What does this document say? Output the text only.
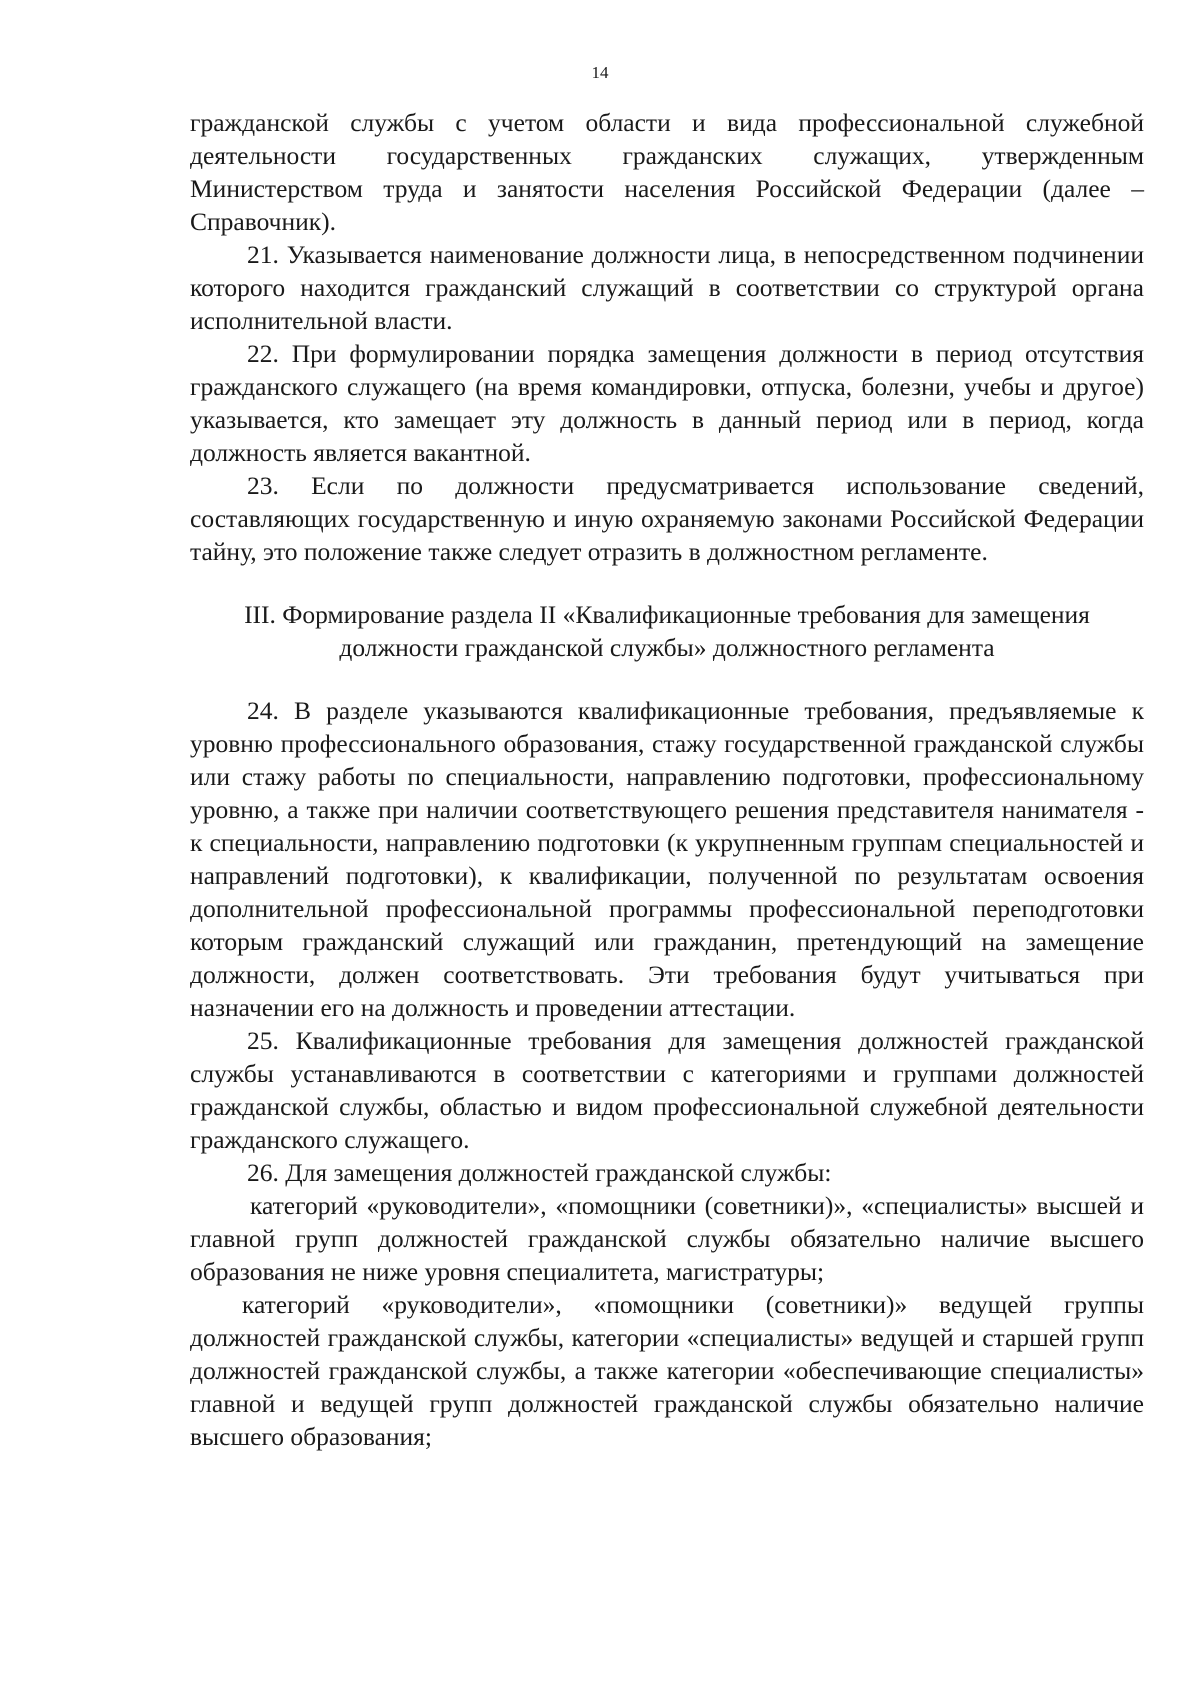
14

гражданской службы с учетом области и вида профессиональной служебной деятельности государственных гражданских служащих, утвержденным Министерством труда и занятости населения Российской Федерации (далее – Справочник).

21. Указывается наименование должности лица, в непосредственном подчинении которого находится гражданский служащий в соответствии со структурой органа исполнительной власти.

22. При формулировании порядка замещения должности в период отсутствия гражданского служащего (на время командировки, отпуска, болезни, учебы и другое) указывается, кто замещает эту должность в данный период или в период, когда должность является вакантной.

23. Если по должности предусматривается использование сведений, составляющих государственную и иную охраняемую законами Российской Федерации тайну, это положение также следует отразить в должностном регламенте.

III. Формирование раздела II «Квалификационные требования для замещения
должности гражданской службы» должностного регламента

24. В разделе указываются квалификационные требования, предъявляемые к уровню профессионального образования, стажу государственной гражданской службы или стажу работы по специальности, направлению подготовки, профессиональному уровню, а также при наличии соответствующего решения представителя нанимателя - к специальности, направлению подготовки (к укрупненным группам специальностей и направлений подготовки), к квалификации, полученной по результатам освоения дополнительной профессиональной программы профессиональной переподготовки которым гражданский служащий или гражданин, претендующий на замещение должности, должен соответствовать. Эти требования будут учитываться при назначении его на должность и проведении аттестации.

25. Квалификационные требования для замещения должностей гражданской службы устанавливаются в соответствии с категориями и группами должностей гражданской службы, областью и видом профессиональной служебной деятельности гражданского служащего.

26. Для замещения должностей гражданской службы:

категорий «руководители», «помощники (советники)», «специалисты» высшей и главной групп должностей гражданской службы обязательно наличие высшего образования не ниже уровня специалитета, магистратуры;

категорий «руководители», «помощники (советники)» ведущей группы должностей гражданской службы, категории «специалисты» ведущей и старшей групп должностей гражданской службы, а также категории «обеспечивающие специалисты» главной и ведущей групп должностей гражданской службы обязательно наличие высшего образования;
